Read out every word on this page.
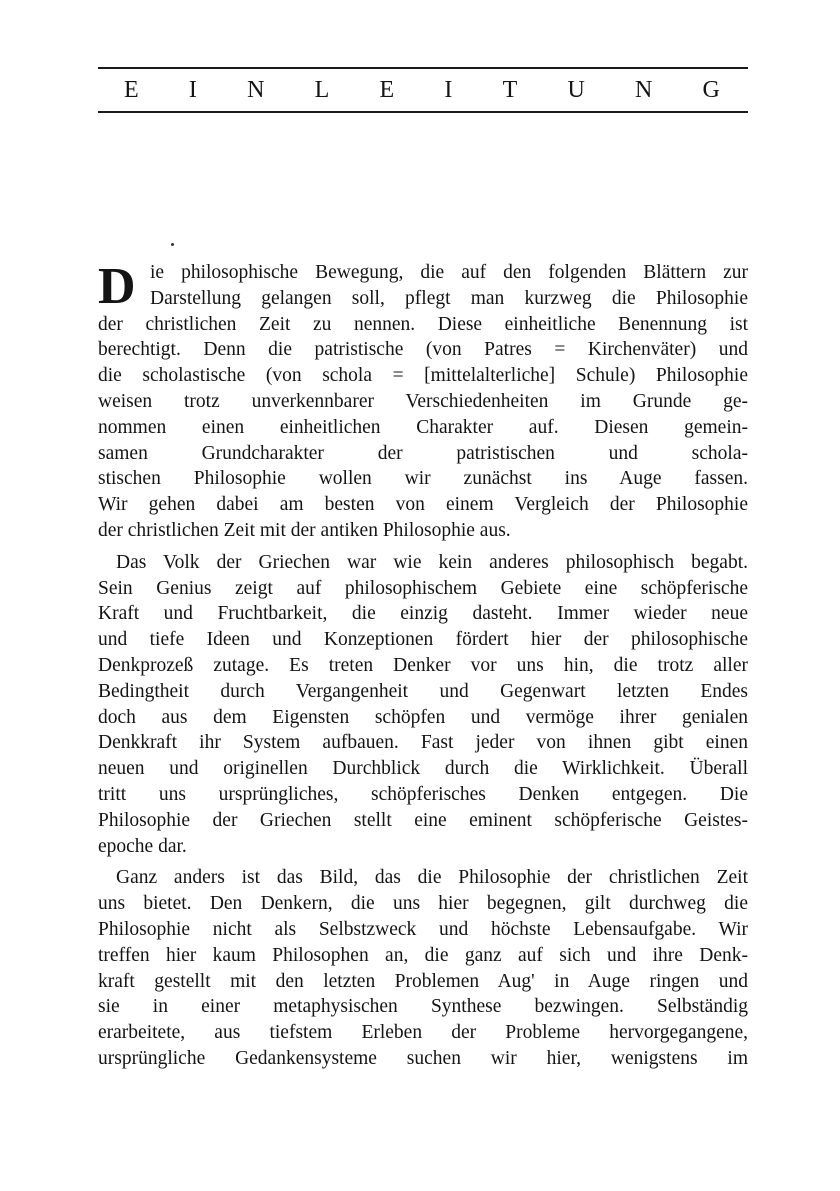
E I N L E I T U N G
D ie philosophische Bewegung, die auf den folgenden Blättern zur
Darstellung gelangen soll, pflegt man kurzweg die Philosophie
der christlichen Zeit zu nennen. Diese einheitliche Benennung ist
berechtigt. Denn die patristische (von Patres = Kirchenväter) und
die scholastische (von schola = [mittelalterliche] Schule) Philosophie
weisen trotz unverkennbarer Verschiedenheiten im Grunde ge-
nommen einen einheitlichen Charakter auf. Diesen gemein-
samen Grundcharakter der patristischen und schola-
stischen Philosophie wollen wir zunächst ins Auge fassen.
Wir gehen dabei am besten von einem Vergleich der Philosophie
der christlichen Zeit mit der antiken Philosophie aus.
Das Volk der Griechen war wie kein anderes philosophisch begabt.
Sein Genius zeigt auf philosophischem Gebiete eine schöpferische
Kraft und Fruchtbarkeit, die einzig dasteht. Immer wieder neue
und tiefe Ideen und Konzeptionen fördert hier der philosophische
Denkprozeß zutage. Es treten Denker vor uns hin, die trotz aller
Bedingtheit durch Vergangenheit und Gegenwart letzten Endes
doch aus dem Eigensten schöpfen und vermöge ihrer genialen
Denkkraft ihr System aufbauen. Fast jeder von ihnen gibt einen
neuen und originellen Durchblick durch die Wirklichkeit. Überall
tritt uns ursprüngliches, schöpferisches Denken entgegen. Die
Philosophie der Griechen stellt eine eminent schöpferische Geistes-
epoche dar.
Ganz anders ist das Bild, das die Philosophie der christlichen Zeit
uns bietet. Den Denkern, die uns hier begegnen, gilt durchweg die
Philosophie nicht als Selbstzweck und höchste Lebensaufgabe. Wir
treffen hier kaum Philosophen an, die ganz auf sich und ihre Denk-
kraft gestellt mit den letzten Problemen Aug' in Auge ringen und
sie in einer metaphysischen Synthese bezwingen. Selbständig
erarbeitete, aus tiefstem Erleben der Probleme hervorgegangene,
ursprüngliche Gedankensysteme suchen wir hier, wenigstens im
